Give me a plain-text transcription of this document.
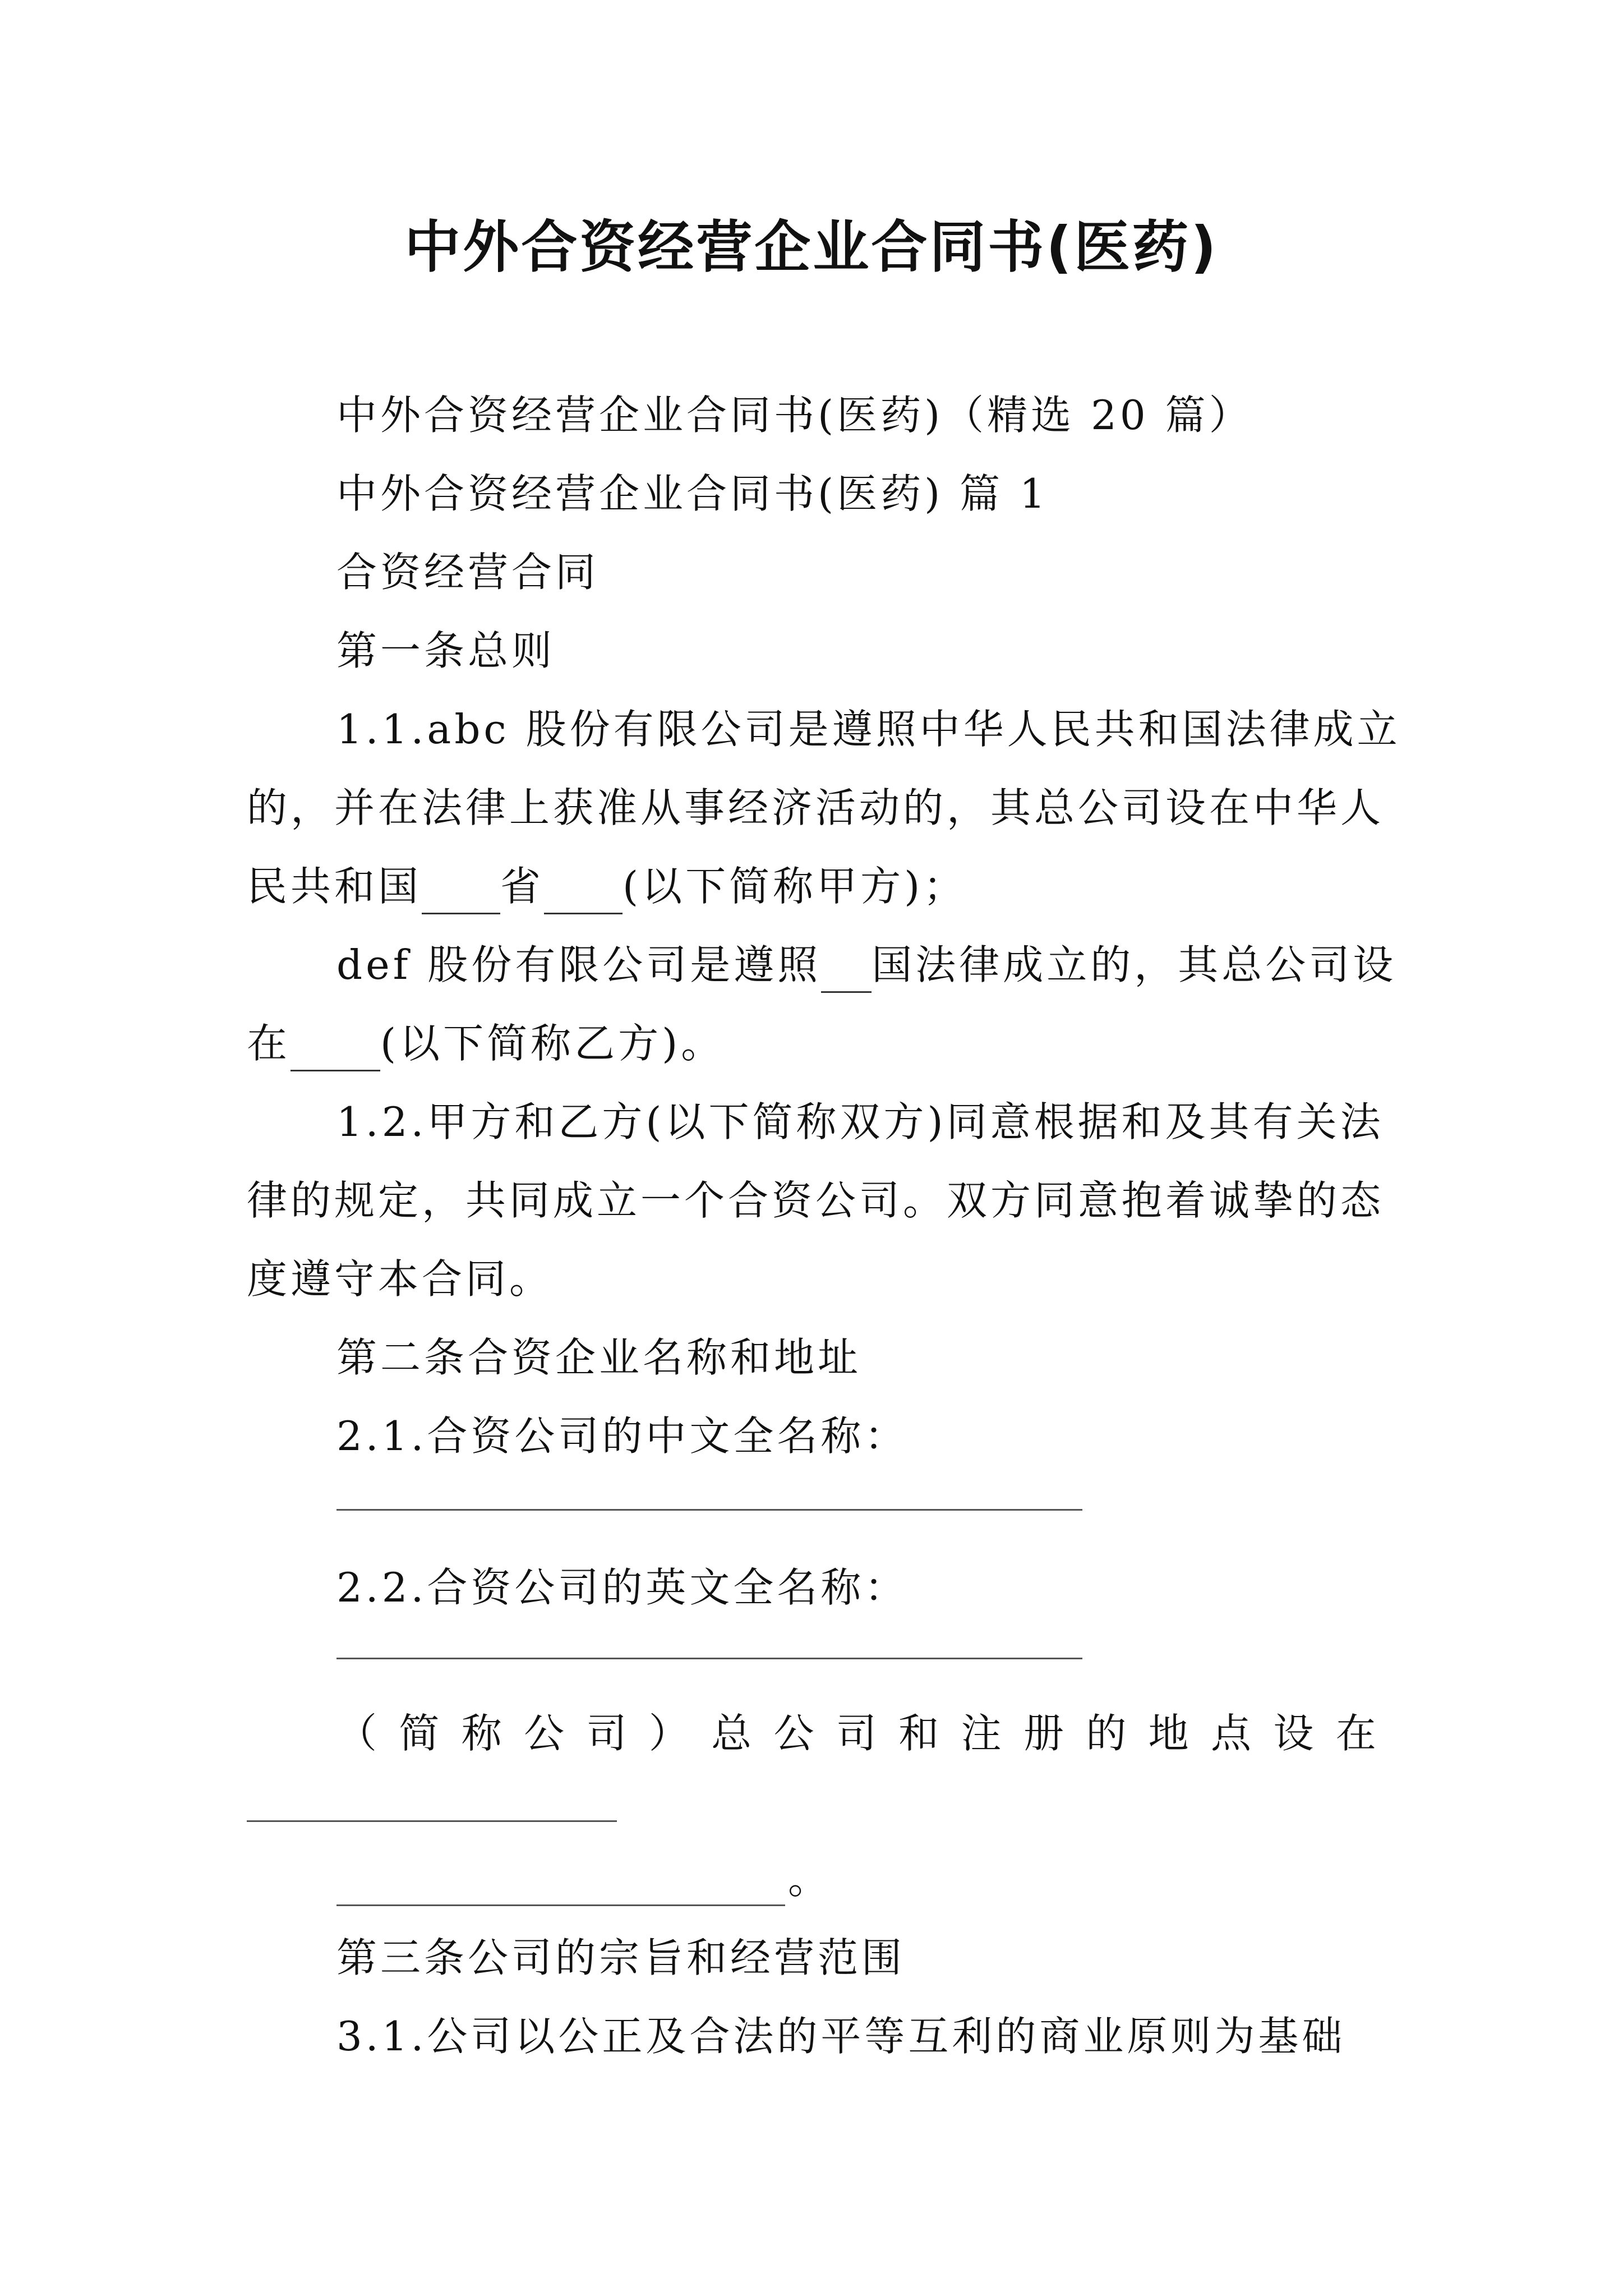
中外合资经营企业合同书(医药)
中外合资经营企业合同书(医药)（精选 20 篇）
中外合资经营企业合同书(医药) 篇 1
合资经营合同
第一条总则
1.1.abc 股份有限公司是遵照中华人民共和国法律成立
的，并在法律上获准从事经济活动的，其总公司设在中华人
民共和国 省 (以下简称甲方)；
def 股份有限公司是遵照 国法律成立的，其总公司设
在 (以下简称乙方)。
1.2.甲方和乙方(以下简称双方)同意根据和及其有关法
律的规定，共同成立一个合资公司。双方同意抱着诚挚的态
度遵守本合同。
第二条合资企业名称和地址
2.1.合资公司的中文全名称：
2.2.合资公司的英文全名称：
（ 简 称 公 司 ） 总 公 司 和 注 册 的 地 点 设 在
。
第三条公司的宗旨和经营范围
3.1.公司以公正及合法的平等互利的商业原则为基础
